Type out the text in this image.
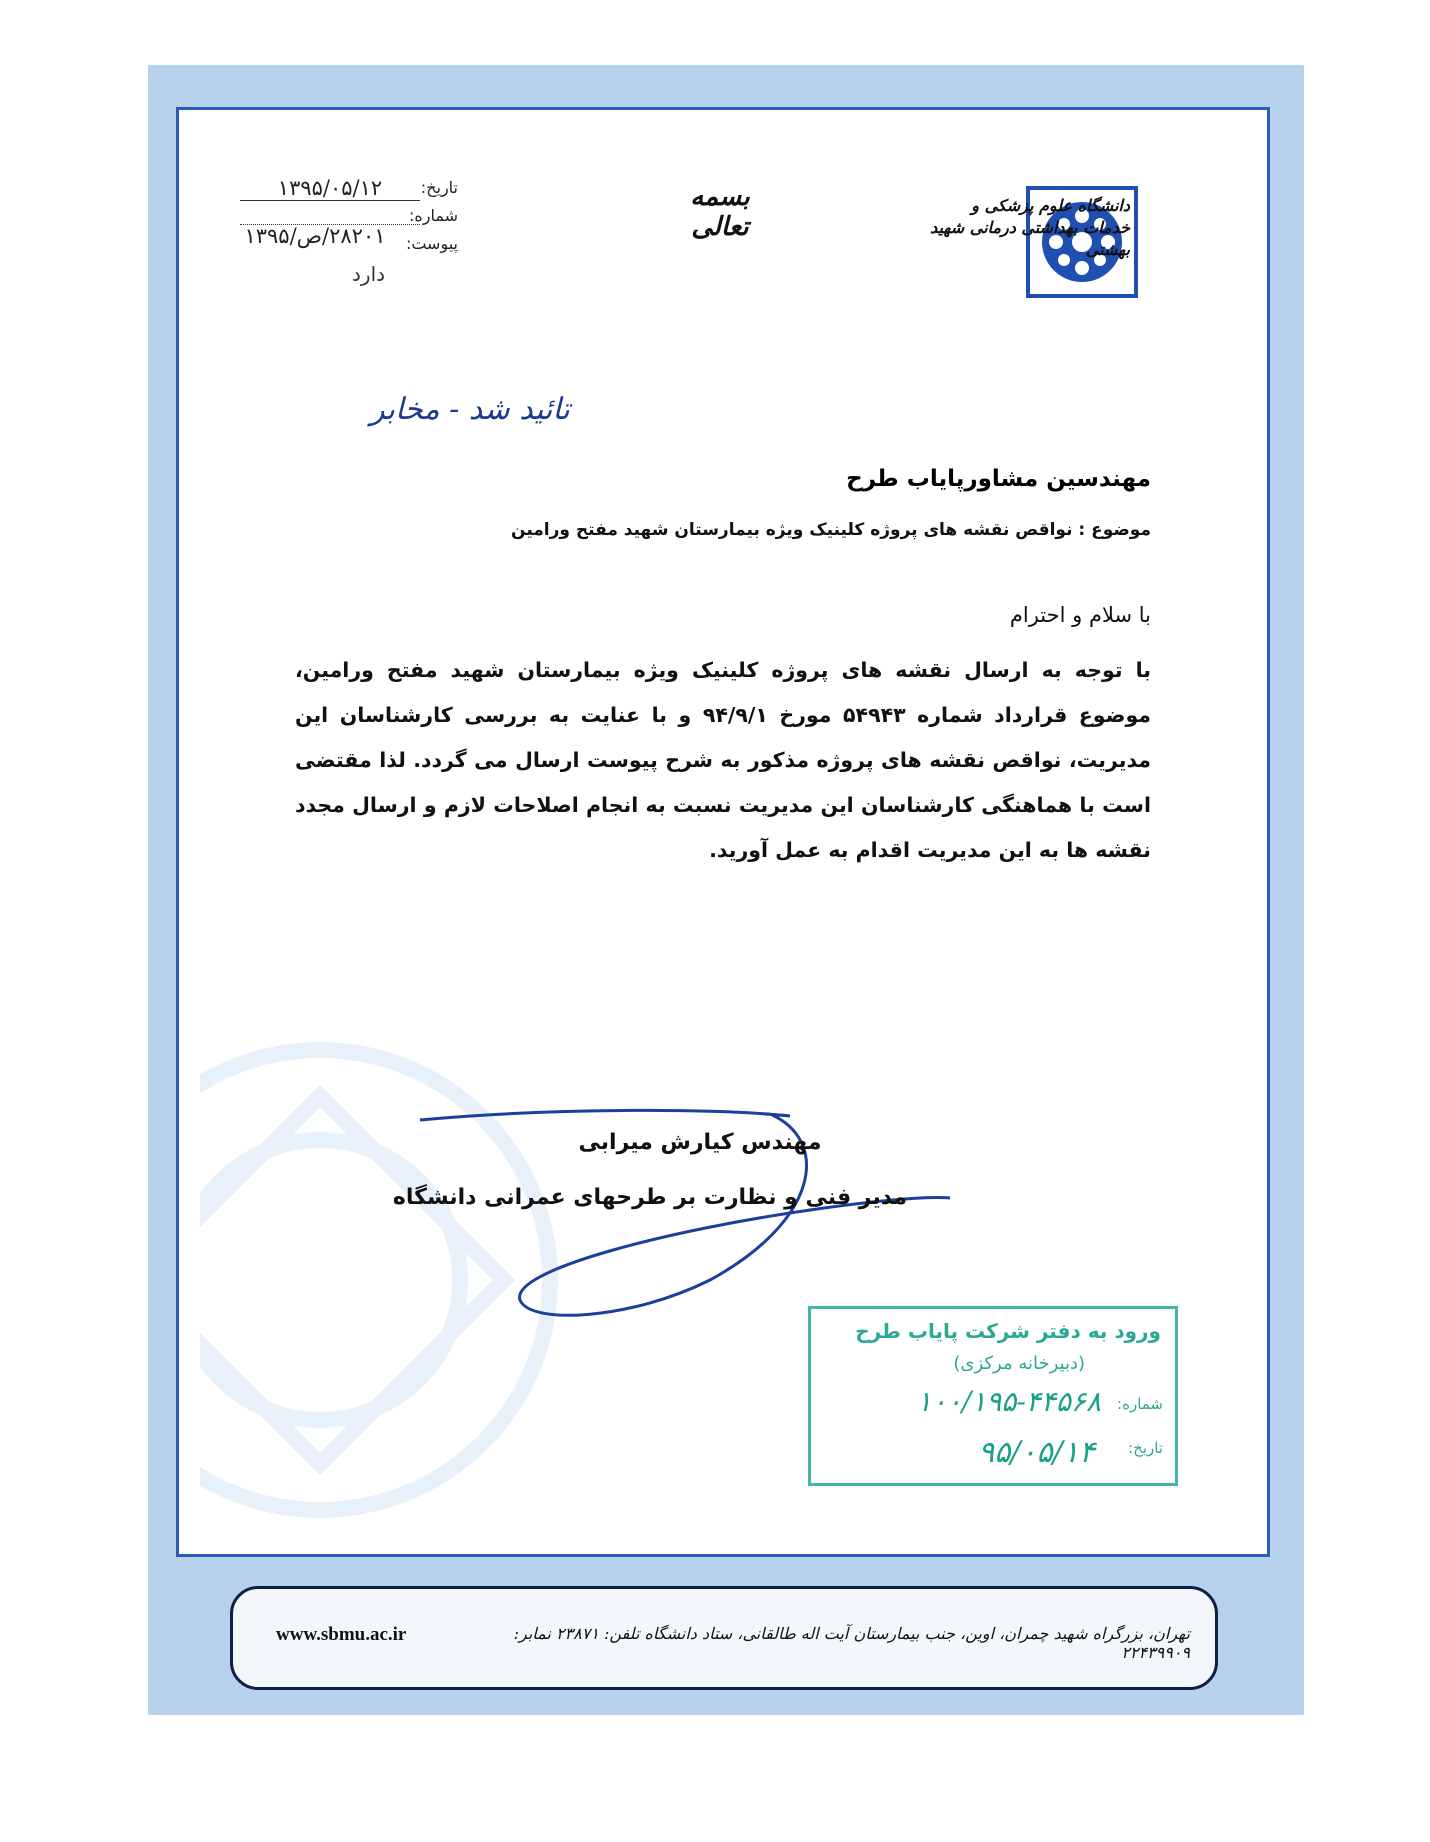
تاریخ:
۱۳۹۵/۰۵/۱۲
شماره:
پیوست:
۲۸۲۰۱/ص/۱۳۹۵
دارد
بسمه تعالی
دانشگاه علوم پزشکی و خدمات بهداشتی درمانی شهید بهشتی
تائید شد - مخابر
مهندسین مشاورپایاب طرح
موضوع : نواقص نقشه های پروژه کلینیک ویژه بیمارستان شهید مفتح ورامین
با سلام و احترام
با توجه به ارسال نقشه های پروژه کلینیک ویژه بیمارستان شهید مفتح ورامین، موضوع قرارداد شماره ۵۴۹۴۳ مورخ ۹۴/۹/۱ و با عنایت به بررسی کارشناسان این مدیریت، نواقص نقشه های پروژه مذکور به شرح پیوست ارسال می گردد. لذا مقتضی است با هماهنگی کارشناسان این مدیریت نسبت به انجام اصلاحات لازم و ارسال مجدد نقشه ها به این مدیریت اقدام به عمل آورید.
مهندس کیارش میرابی
مدیر فنی و نظارت بر طرحهای عمرانی دانشگاه
ورود به دفتر شرکت پایاب طرح
(دبیرخانه مرکزی)
شماره:
۱۰۰/۱۹۵-۴۴۵۶۸
تاریخ:
۹۵/۰۵/۱۴
تهران، بزرگراه شهید چمران، اوین، جنب بیمارستان آیت اله طالقانی، ستاد دانشگاه تلفن: ۲۳۸۷۱ نمابر: ۲۲۴۳۹۹۰۹
www.sbmu.ac.ir
